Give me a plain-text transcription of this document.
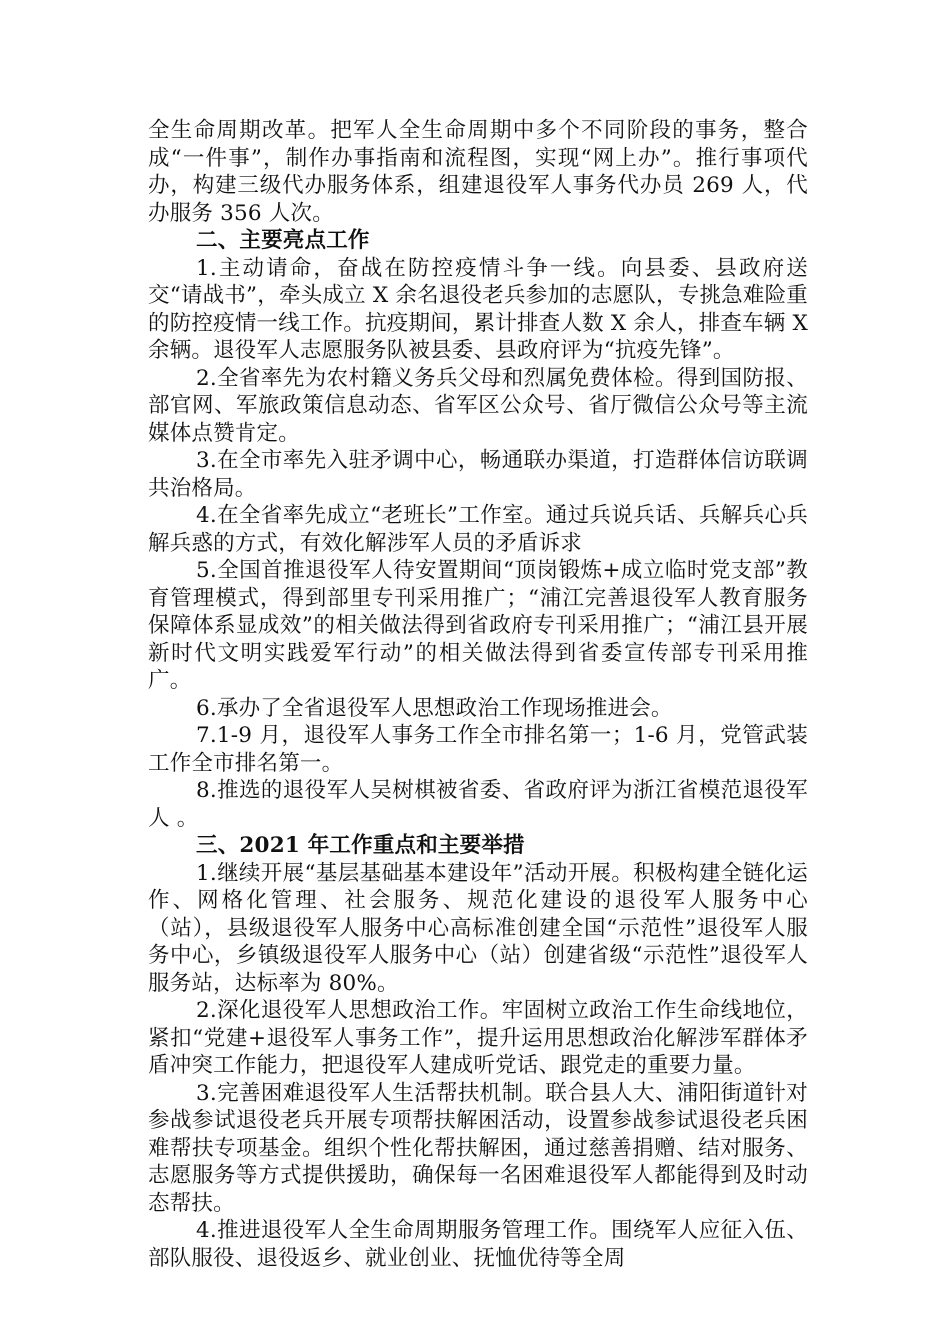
全生命周期改革。把军人全生命周期中多个不同阶段的事务，整合成“一件事”，制作办事指南和流程图，实现“网上办”。推行事项代办，构建三级代办服务体系，组建退役军人事务代办员 269 人，代办服务 356 人次。

二、主要亮点工作

1.主动请命，奋战在防控疫情斗争一线。向县委、县政府送交“请战书”，牵头成立 X 余名退役老兵参加的志愿队，专挑急难险重的防控疫情一线工作。抗疫期间，累计排查人数 X 余人，排查车辆 X 余辆。退役军人志愿服务队被县委、县政府评为“抗疫先锋”。

2.全省率先为农村籍义务兵父母和烈属免费体检。得到国防报、部官网、军旅政策信息动态、省军区公众号、省厅微信公众号等主流媒体点赞肯定。

3.在全市率先入驻矛调中心，畅通联办渠道，打造群体信访联调共治格局。

4.在全省率先成立“老班长”工作室。通过兵说兵话、兵解兵心兵解兵惑的方式，有效化解涉军人员的矛盾诉求

5.全国首推退役军人待安置期间“顶岗锻炼+成立临时党支部”教育管理模式，得到部里专刊采用推广；“浦江完善退役军人教育服务保障体系显成效”的相关做法得到省政府专刊采用推广；“浦江县开展新时代文明实践爱军行动”的相关做法得到省委宣传部专刊采用推广。

6.承办了全省退役军人思想政治工作现场推进会。

7.1-9 月，退役军人事务工作全市排名第一；1-6 月，党管武装工作全市排名第一。

8.推选的退役军人吴树棋被省委、省政府评为浙江省模范退役军人 。

三、2021 年工作重点和主要举措

1.继续开展“基层基础基本建设年”活动开展。积极构建全链化运作、网格化管理、社会服务、规范化建设的退役军人服务中心（站），县级退役军人服务中心高标准创建全国“示范性”退役军人服务中心，乡镇级退役军人服务中心（站）创建省级“示范性”退役军人服务站，达标率为 80%。

2.深化退役军人思想政治工作。牢固树立政治工作生命线地位，紧扣“党建+退役军人事务工作”，提升运用思想政治化解涉军群体矛盾冲突工作能力，把退役军人建成听党话、跟党走的重要力量。

3.完善困难退役军人生活帮扶机制。联合县人大、浦阳街道针对参战参试退役老兵开展专项帮扶解困活动，设置参战参试退役老兵困难帮扶专项基金。组织个性化帮扶解困，通过慈善捐赠、结对服务、志愿服务等方式提供援助，确保每一名困难退役军人都能得到及时动态帮扶。

4.推进退役军人全生命周期服务管理工作。围绕军人应征入伍、部队服役、退役返乡、就业创业、抚恤优待等全周
